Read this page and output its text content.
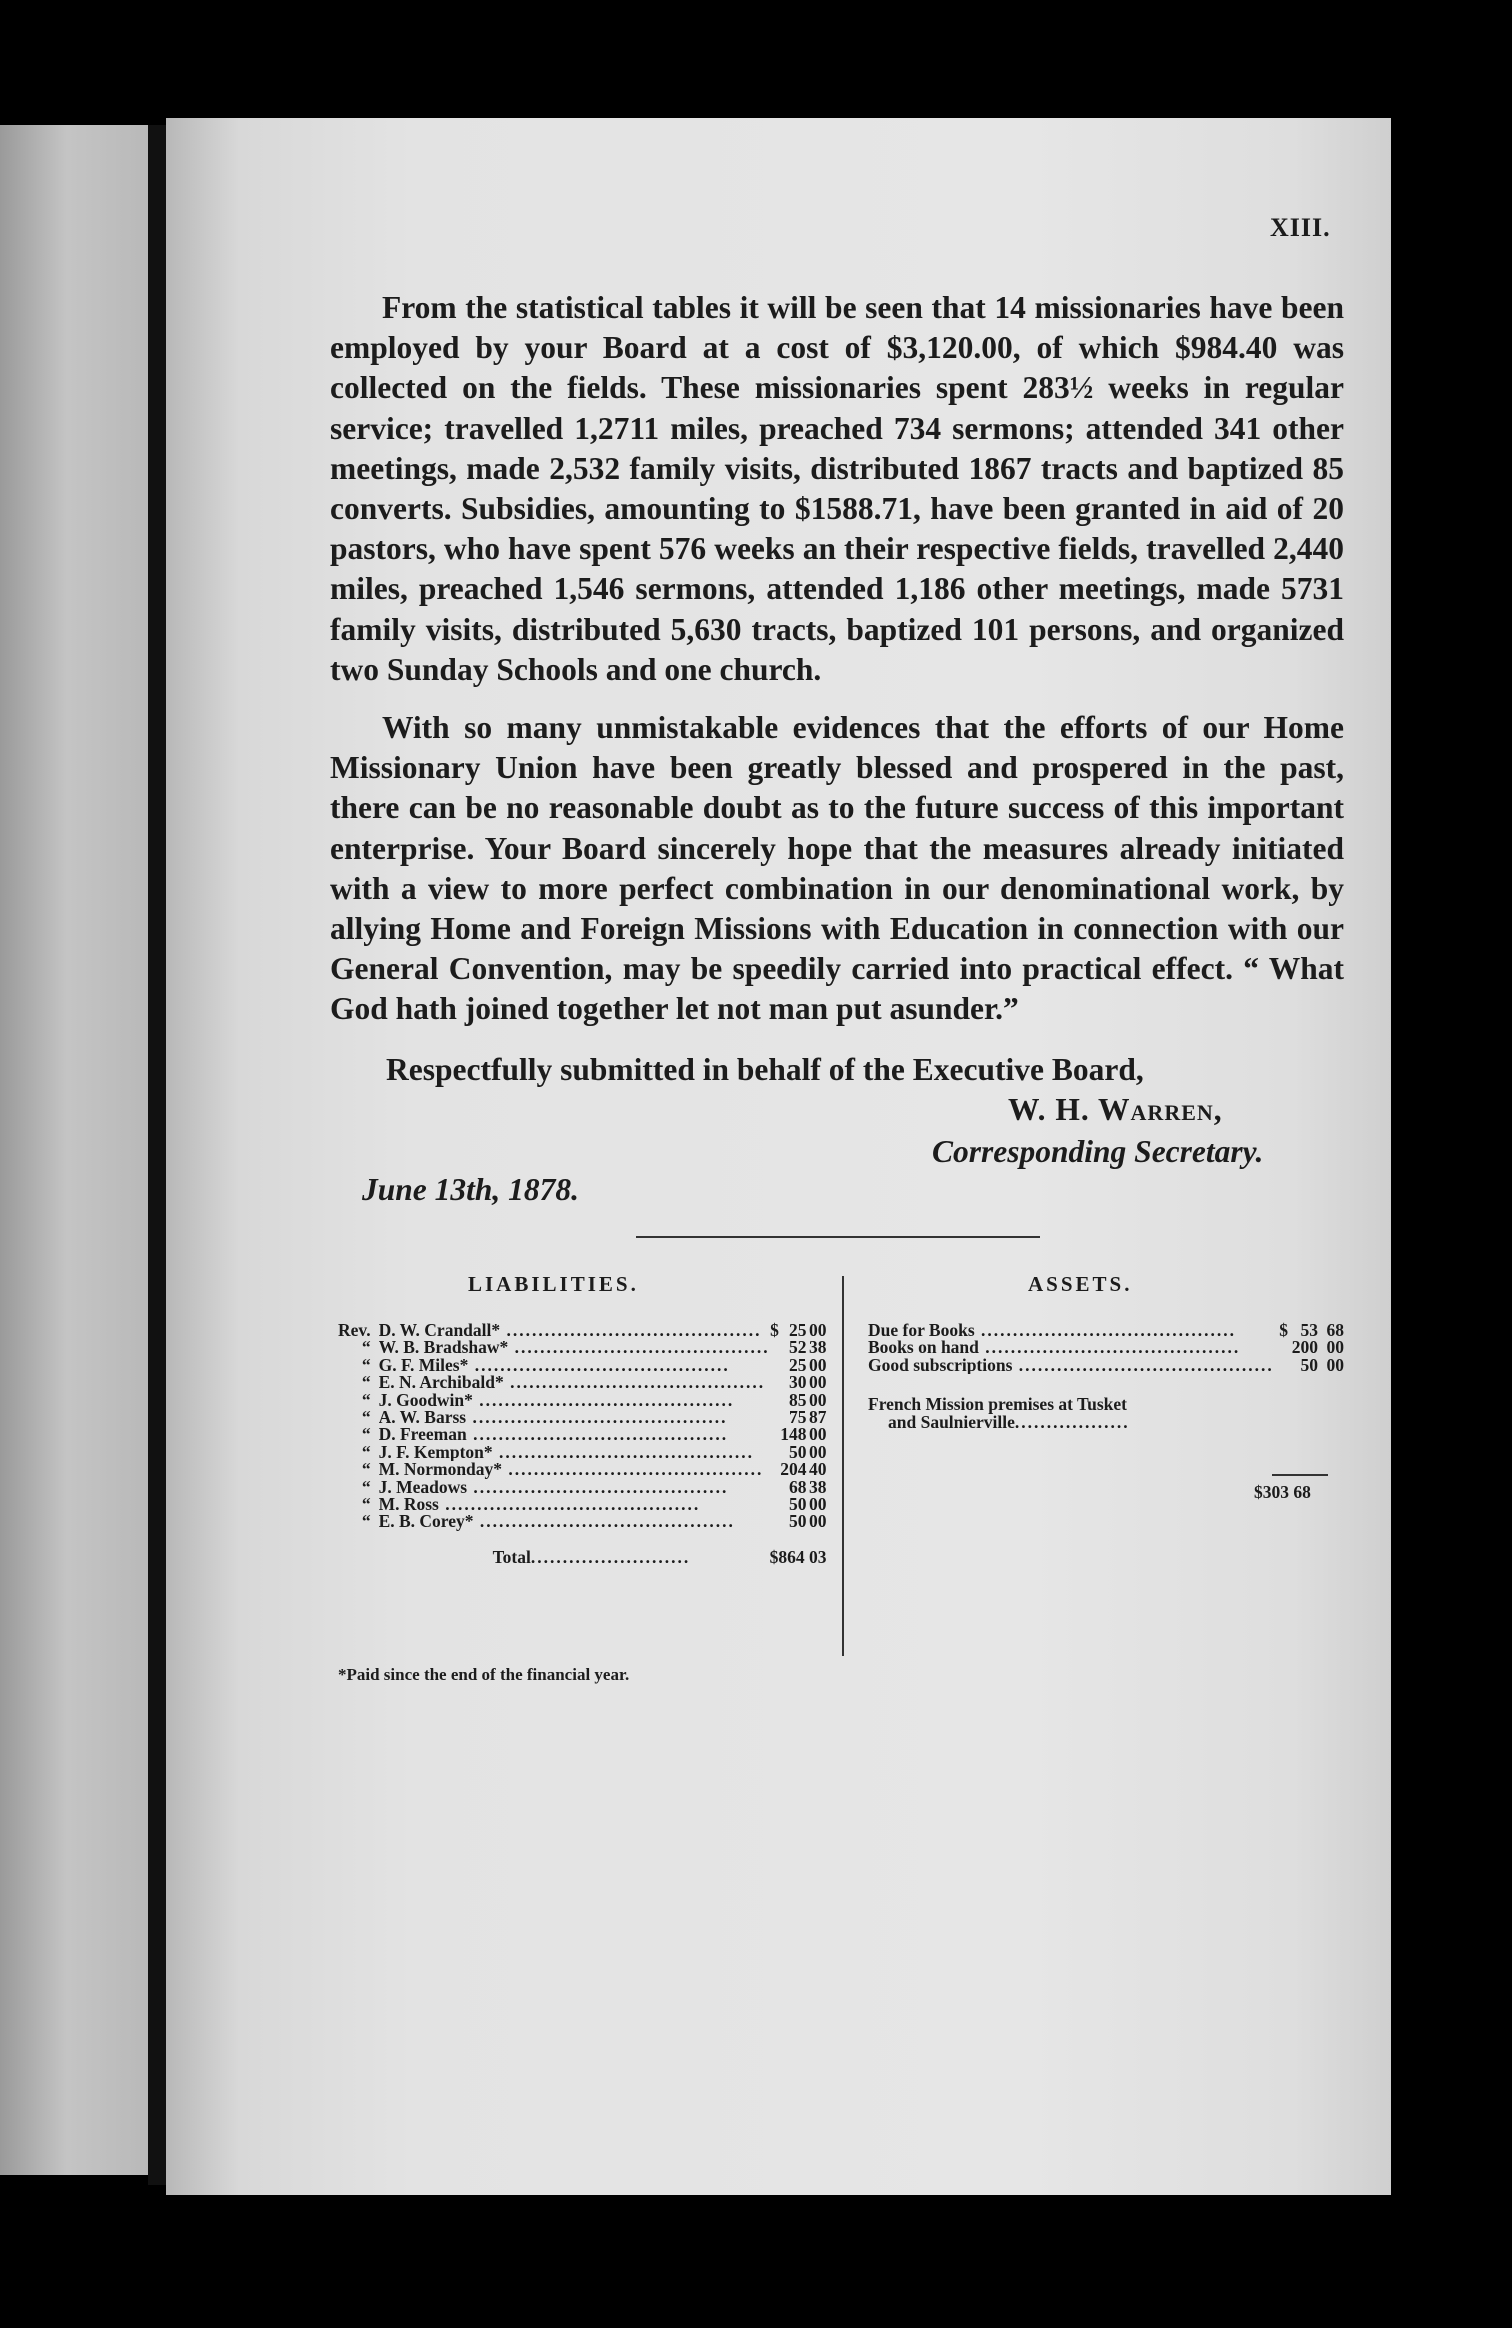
XIII.

From the statistical tables it will be seen that 14 missionaries have been employed by your Board at a cost of $3,120.00, of which $984.40 was collected on the fields. These missionaries spent 283½ weeks in regular service; travelled 1,2711 miles, preached 734 sermons; attended 341 other meetings, made 2,532 family visits, distributed 1867 tracts and baptized 85 converts. Subsidies, amounting to $1588.71, have been granted in aid of 20 pastors, who have spent 576 weeks an their respective fields, travelled 2,440 miles, preached 1,546 sermons, attended 1,186 other meetings, made 5731 family visits, distributed 5,630 tracts, baptized 101 persons, and organized two Sunday Schools and one church.

With so many unmistakable evidences that the efforts of our Home Missionary Union have been greatly blessed and prospered in the past, there can be no reasonable doubt as to the future success of this important enterprise. Your Board sincerely hope that the measures already initiated with a view to more perfect combination in our denominational work, by allying Home and Foreign Missions with Education in connection with our General Convention, may be speedily carried into practical effect. “ What God hath joined together let not man put asunder.”

Respectfully submitted in behalf of the Executive Board,
W. H. Warren,
Corresponding Secretary.
June 13th, 1878.
LIABILITIES.	ASSETS.
Rev.	D. W. Crandall* ........................................	$	25	00
“	W. B. Bradshaw* ........................................		52	38
“	G. F. Miles* ........................................		25	00
“	E. N. Archibald* ........................................		30	00
“	J. Goodwin* ........................................		85	00
“	A. W. Barss ........................................		75	87
“	D. Freeman ........................................		148	00
“	J. F. Kempton* ........................................		50	00
“	M. Normonday* ........................................		204	40
“	J. Meadows ........................................		68	38
“	M. Ross ........................................		50	00
“	E. B. Corey* ........................................		50	00
	Total.........................	$864 03		
*Paid since the end of the financial year.
Due for Books ........................................	$	53	68
Books on hand ........................................		200	00
Good subscriptions ........................................		50	00

French Mission premises at Tusket			
and Saulnierville..................			
$303 68
